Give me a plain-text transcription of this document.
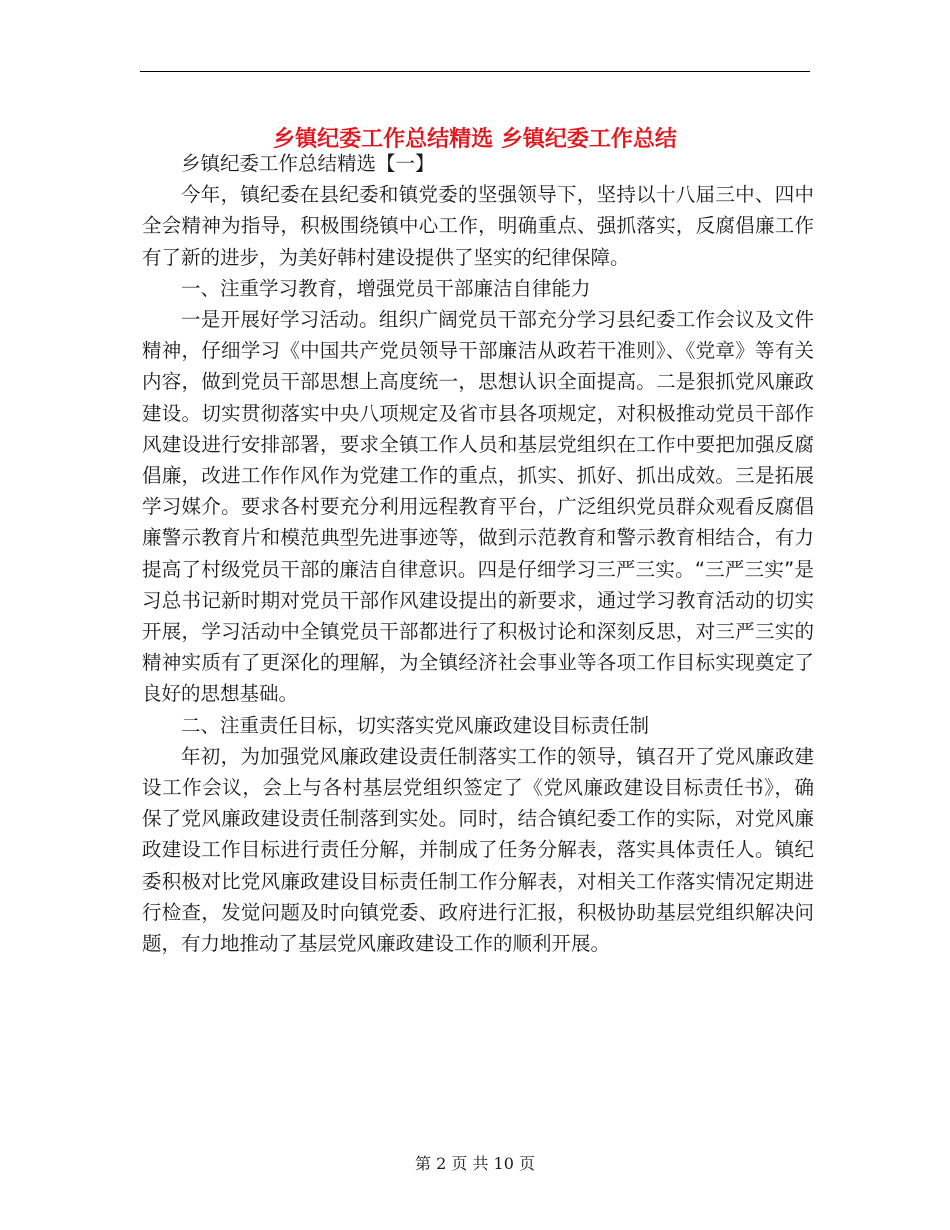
乡镇纪委工作总结精选 乡镇纪委工作总结

乡镇纪委工作总结精选【一】

今年，镇纪委在县纪委和镇党委的坚强领导下，坚持以十八届三中、四中全会精神为指导，积极围绕镇中心工作，明确重点、强抓落实，反腐倡廉工作有了新的进步，为美好韩村建设提供了坚实的纪律保障。

一、注重学习教育，增强党员干部廉洁自律能力

一是开展好学习活动。组织广阔党员干部充分学习县纪委工作会议及文件精神，仔细学习《中国共产党员领导干部廉洁从政若干准则》、《党章》等有关内容，做到党员干部思想上高度统一，思想认识全面提高。二是狠抓党风廉政建设。切实贯彻落实中央八项规定及省市县各项规定，对积极推动党员干部作风建设进行安排部署，要求全镇工作人员和基层党组织在工作中要把加强反腐倡廉，改进工作作风作为党建工作的重点，抓实、抓好、抓出成效。三是拓展学习媒介。要求各村要充分利用远程教育平台，广泛组织党员群众观看反腐倡廉警示教育片和模范典型先进事迹等，做到示范教育和警示教育相结合，有力提高了村级党员干部的廉洁自律意识。四是仔细学习三严三实。“三严三实”是习总书记新时期对党员干部作风建设提出的新要求，通过学习教育活动的切实开展，学习活动中全镇党员干部都进行了积极讨论和深刻反思，对三严三实的精神实质有了更深化的理解，为全镇经济社会事业等各项工作目标实现奠定了良好的思想基础。

二、注重责任目标，切实落实党风廉政建设目标责任制

年初，为加强党风廉政建设责任制落实工作的领导，镇召开了党风廉政建设工作会议，会上与各村基层党组织签定了《党风廉政建设目标责任书》，确保了党风廉政建设责任制落到实处。同时，结合镇纪委工作的实际，对党风廉政建设工作目标进行责任分解，并制成了任务分解表，落实具体责任人。镇纪委积极对比党风廉政建设目标责任制工作分解表，对相关工作落实情况定期进行检查，发觉问题及时向镇党委、政府进行汇报，积极协助基层党组织解决问题，有力地推动了基层党风廉政建设工作的顺利开展。

第 2 页 共 10 页
